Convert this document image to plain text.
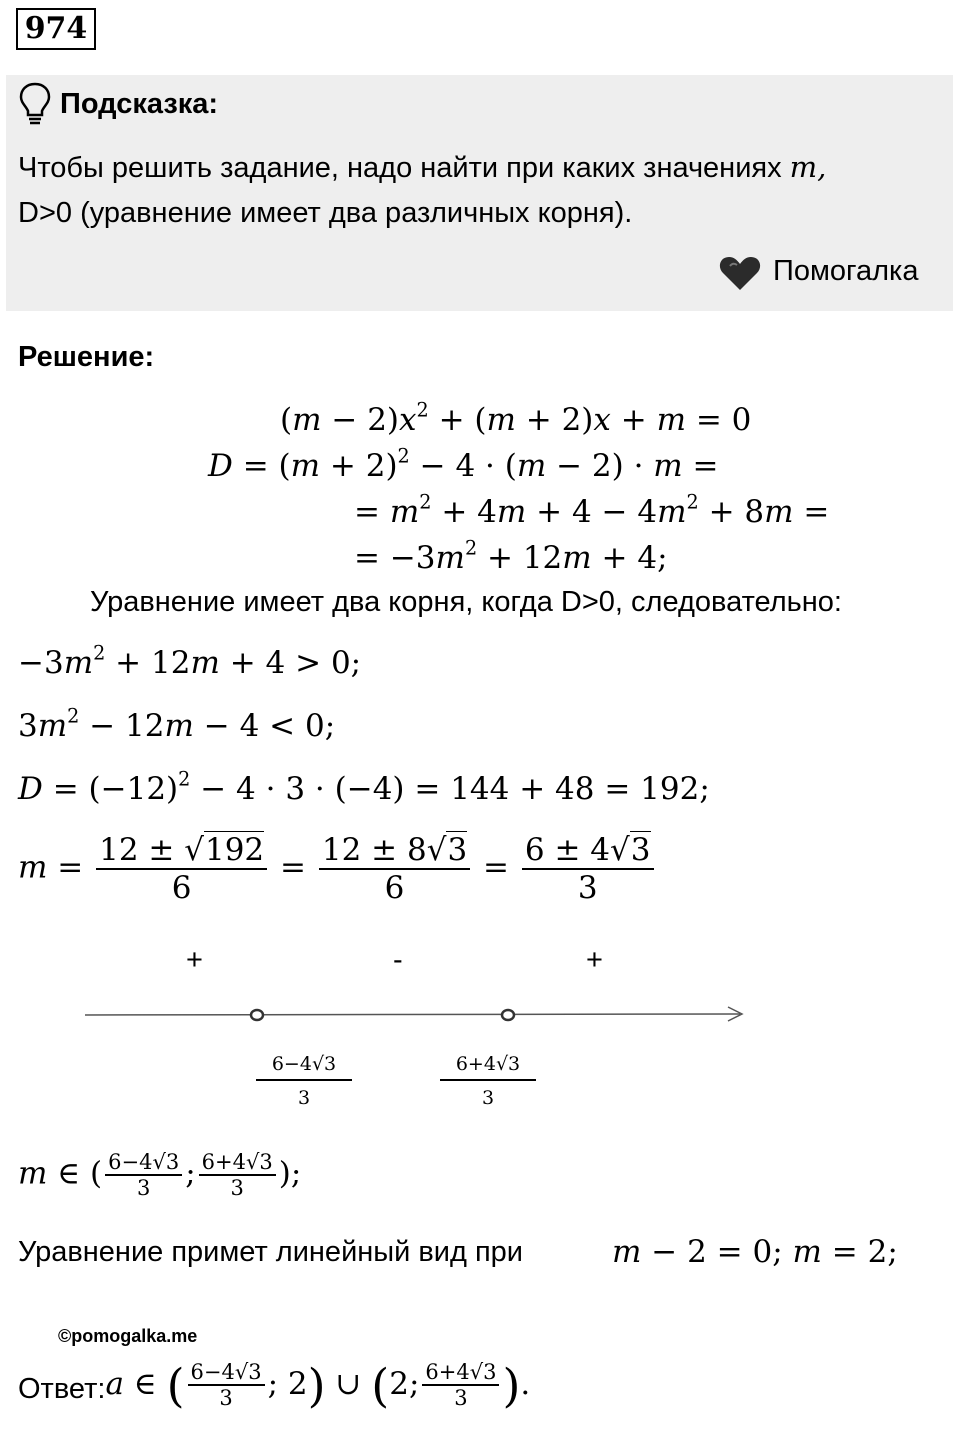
974
Подсказка:
Чтобы решить задание, надо найти при каких значениях m,
D>0 (уравнение имеет два различных корня).
Помогалка
Решение:
$(m - 2)x^2 + (m + 2)x + m = 0$
$D = (m + 2)^2 - 4 \cdot (m - 2) \cdot m$ =
= $m^2 + 4m + 4 - 4m^2 + 8m$ =
= $-3m^2 + 12m + 4$;
Уравнение имеет два корня, когда D>0, следовательно:
$-3m^2 + 12m + 4 > 0$;
$3m^2 - 12m - 4 < 0$;
$D = (-12)^2 - 4 \cdot 3 \cdot (-4) = 144 + 48 = 192$;
$m = \frac{12 \pm √192}{6} = \frac{12 \pm 8√3}{6} = \frac{6 \pm 4√3}{3}$
+	-	+
$\frac{6-4√3}{3}$	$\frac{6+4√3}{3}$
m ∈ ( $\frac{6-4√3}{3}$ ; $\frac{6+4√3}{3}$ );
Уравнение примет линейный вид при	m − 2 = 0; m = 2;
©pomogalka.me
Ответ:a ∈ ( $\frac{6-4√3}{3}$ ; 2) ∪ (2; $\frac{6+4√3}{3}$ ).
